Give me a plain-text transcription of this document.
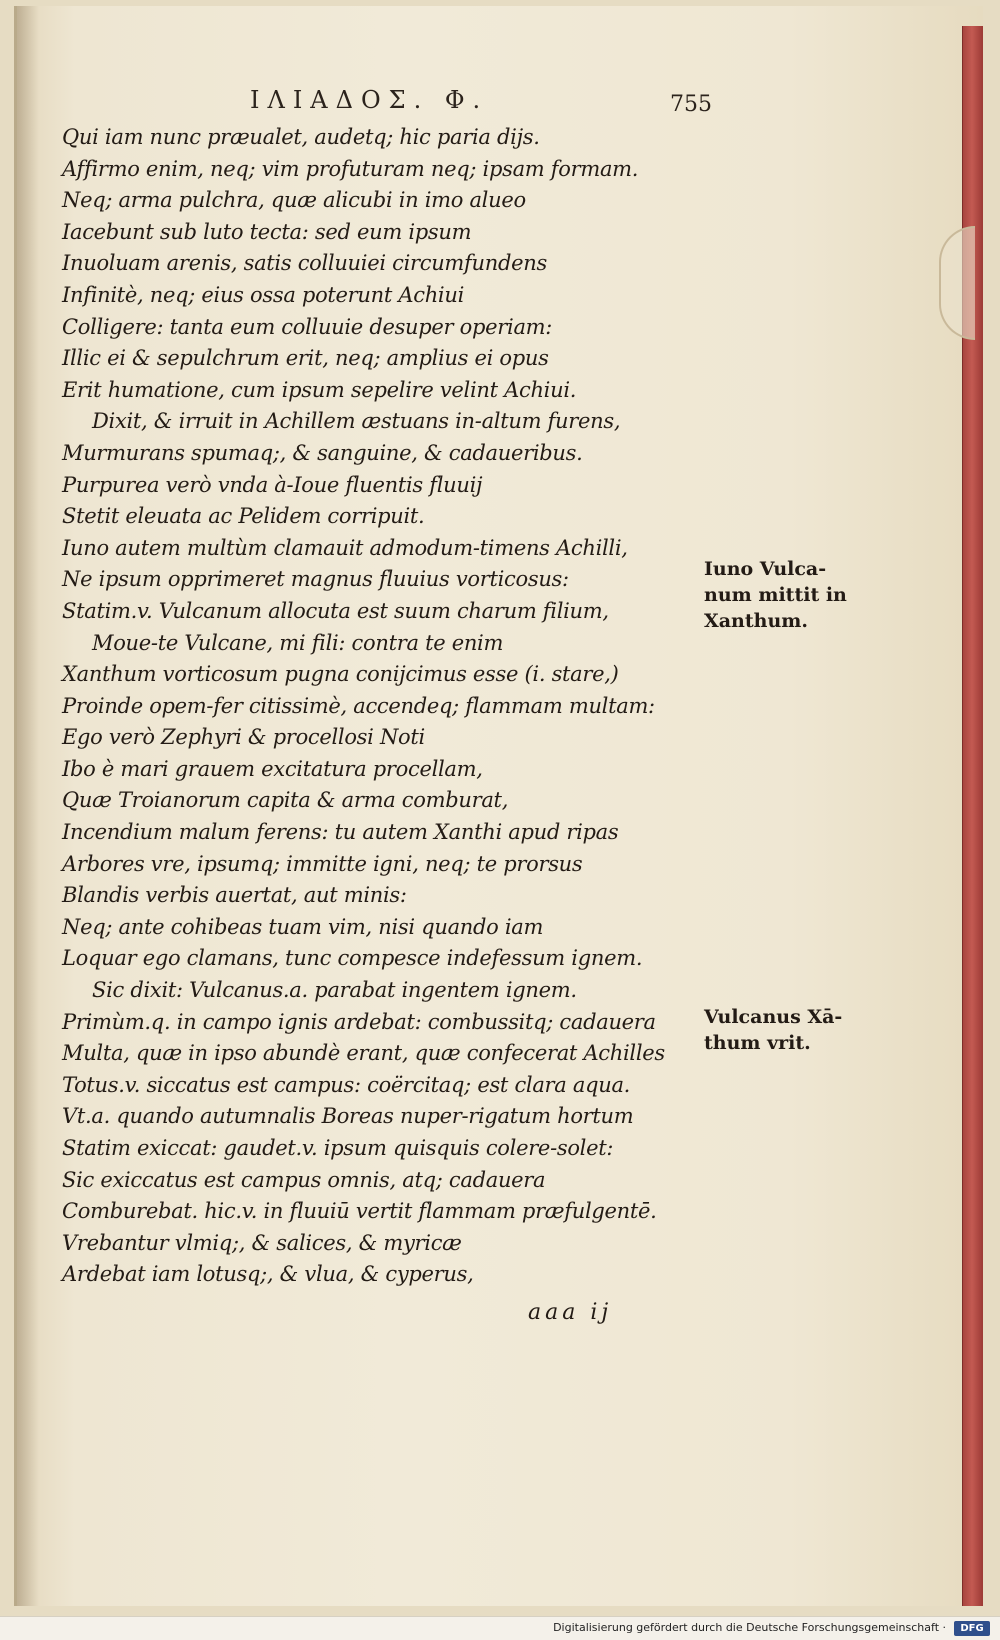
ΙΛΙΑΔΟΣ. Φ.	755
Qui iam nunc præualet, audetq; hic paria dijs.
Affirmo enim, neq; vim profuturam neq; ipsam formam.
Neq; arma pulchra, quæ alicubi in imo alueo
Iacebunt sub luto tecta: sed eum ipsum
Inuoluam arenis, satis colluuiei circumfundens
Infinitè, neq; eius ossa poterunt Achiui
Colligere: tanta eum colluuie desuper operiam:
Illic ei & sepulchrum erit, neq; amplius ei opus
Erit humatione, cum ipsum sepelire velint Achiui.
Dixit, & irruit in Achillem æstuans in-altum furens,
Murmurans spumaq;, & sanguine, & cadaueribus.
Purpurea verò vnda à-Ioue fluentis fluuij
Stetit eleuata ac Pelidem corripuit.
Iuno autem multùm clamauit admodum-timens Achilli,
Ne ipsum opprimeret magnus fluuius vorticosus:
Statim.v. Vulcanum allocuta est suum charum filium,
Moue-te Vulcane, mi fili: contra te enim
Xanthum vorticosum pugna conijcimus esse (i. stare,)
Proinde opem-fer citissimè, accendeq; flammam multam:
Ego verò Zephyri & procellosi Noti
Ibo è mari grauem excitatura procellam,
Quæ Troianorum capita & arma comburat,
Incendium malum ferens: tu autem Xanthi apud ripas
Arbores vre, ipsumq; immitte igni, neq; te prorsus
Blandis verbis auertat, aut minis:
Neq; ante cohibeas tuam vim, nisi quando iam
Loquar ego clamans, tunc compesce indefessum ignem.
Sic dixit: Vulcanus.a. parabat ingentem ignem.
Primùm.q. in campo ignis ardebat: combussitq; cadauera
Multa, quæ in ipso abundè erant, quæ confecerat Achilles
Totus.v. siccatus est campus: coërcitaq; est clara aqua.
Vt.a. quando autumnalis Boreas nuper-rigatum hortum
Statim exiccat: gaudet.v. ipsum quisquis colere-solet:
Sic exiccatus est campus omnis, atq; cadauera
Comburebat. hic.v. in fluuiū vertit flammam præfulgentē.
Vrebantur vlmiq;, & salices, & myricæ
Ardebat iam lotusq;, & vlua, & cyperus,
Iuno Vulca-
num mittit in
Xanthum.
Vulcanus Xā-
thum vrit.
aaa ij
Digitalisierung gefördert durch die Deutsche Forschungsgemeinschaft ·	DFG
